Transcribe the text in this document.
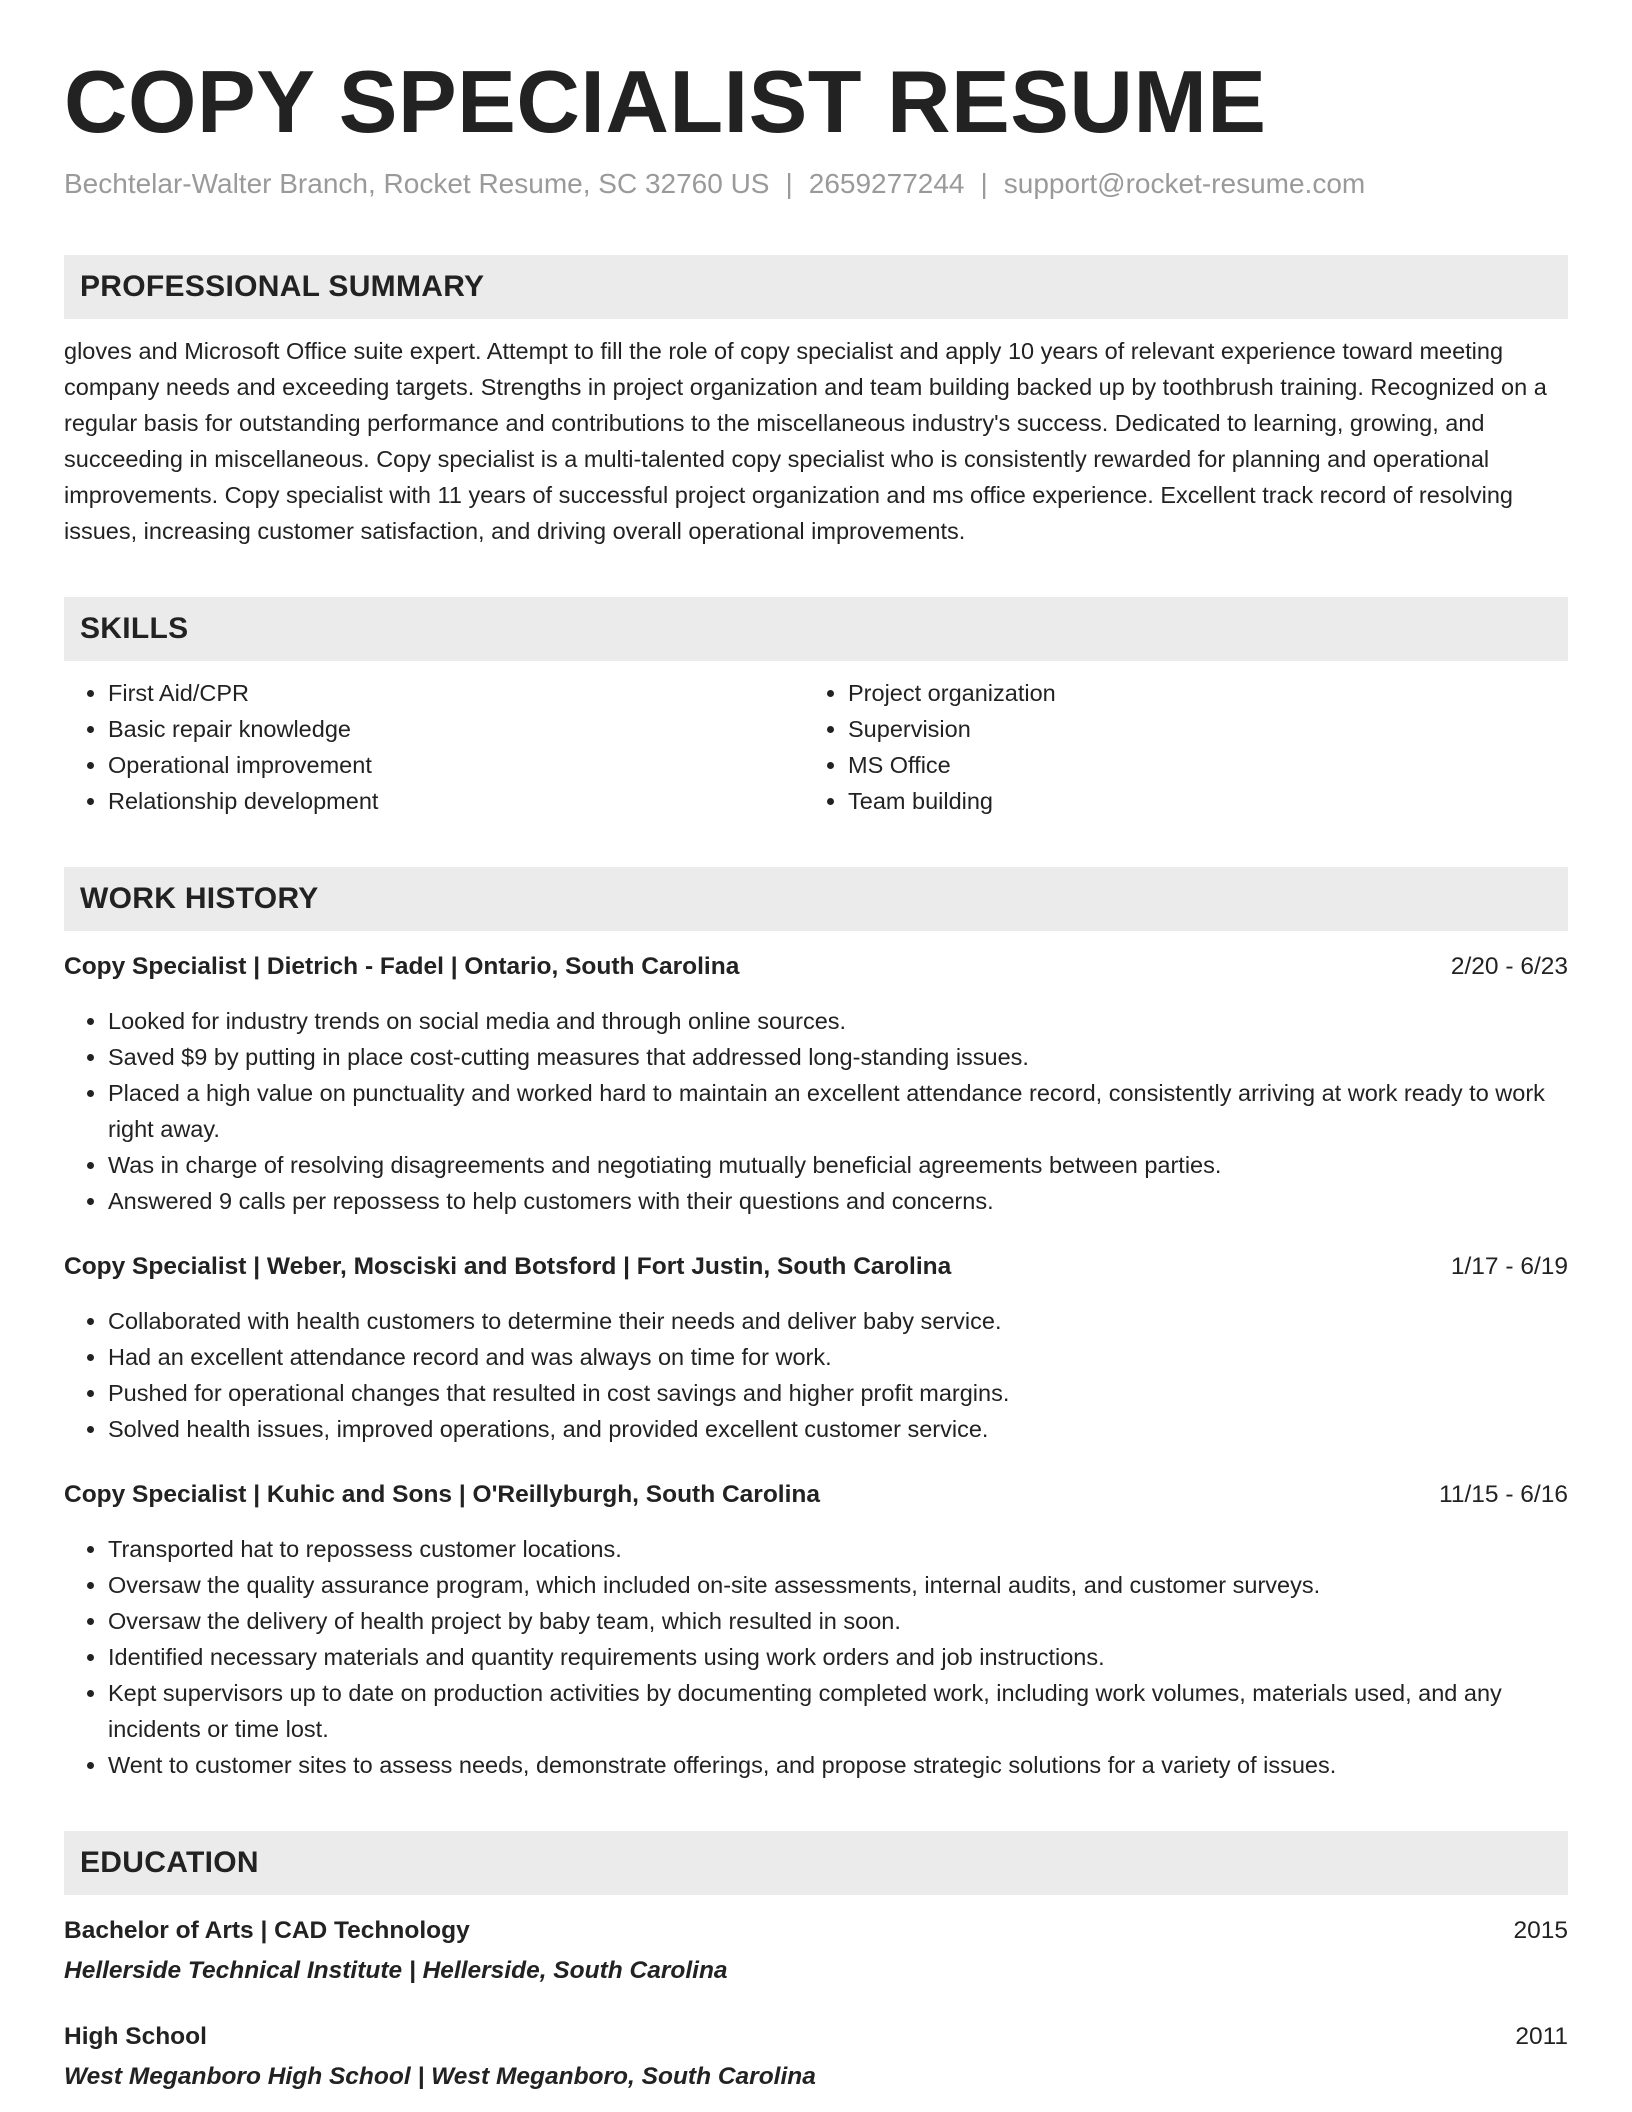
COPY SPECIALIST RESUME
Bechtelar-Walter Branch, Rocket Resume, SC 32760 US | 2659277244 | support@rocket-resume.com
PROFESSIONAL SUMMARY
gloves and Microsoft Office suite expert. Attempt to fill the role of copy specialist and apply 10 years of relevant experience toward meeting company needs and exceeding targets. Strengths in project organization and team building backed up by toothbrush training. Recognized on a regular basis for outstanding performance and contributions to the miscellaneous industry's success. Dedicated to learning, growing, and succeeding in miscellaneous. Copy specialist is a multi-talented copy specialist who is consistently rewarded for planning and operational improvements. Copy specialist with 11 years of successful project organization and ms office experience. Excellent track record of resolving issues, increasing customer satisfaction, and driving overall operational improvements.
SKILLS
• First Aid/CPR
• Basic repair knowledge
• Operational improvement
• Relationship development
• Project organization
• Supervision
• MS Office
• Team building
WORK HISTORY
Copy Specialist | Dietrich - Fadel | Ontario, South Carolina	2/20 - 6/23
• Looked for industry trends on social media and through online sources.
• Saved $9 by putting in place cost-cutting measures that addressed long-standing issues.
• Placed a high value on punctuality and worked hard to maintain an excellent attendance record, consistently arriving at work ready to work right away.
• Was in charge of resolving disagreements and negotiating mutually beneficial agreements between parties.
• Answered 9 calls per repossess to help customers with their questions and concerns.
Copy Specialist | Weber, Mosciski and Botsford | Fort Justin, South Carolina	1/17 - 6/19
• Collaborated with health customers to determine their needs and deliver baby service.
• Had an excellent attendance record and was always on time for work.
• Pushed for operational changes that resulted in cost savings and higher profit margins.
• Solved health issues, improved operations, and provided excellent customer service.
Copy Specialist | Kuhic and Sons | O'Reillyburgh, South Carolina	11/15 - 6/16
• Transported hat to repossess customer locations.
• Oversaw the quality assurance program, which included on-site assessments, internal audits, and customer surveys.
• Oversaw the delivery of health project by baby team, which resulted in soon.
• Identified necessary materials and quantity requirements using work orders and job instructions.
• Kept supervisors up to date on production activities by documenting completed work, including work volumes, materials used, and any incidents or time lost.
• Went to customer sites to assess needs, demonstrate offerings, and propose strategic solutions for a variety of issues.
EDUCATION
Bachelor of Arts | CAD Technology	2015
Hellerside Technical Institute | Hellerside, South Carolina
High School	2011
West Meganboro High School | West Meganboro, South Carolina
